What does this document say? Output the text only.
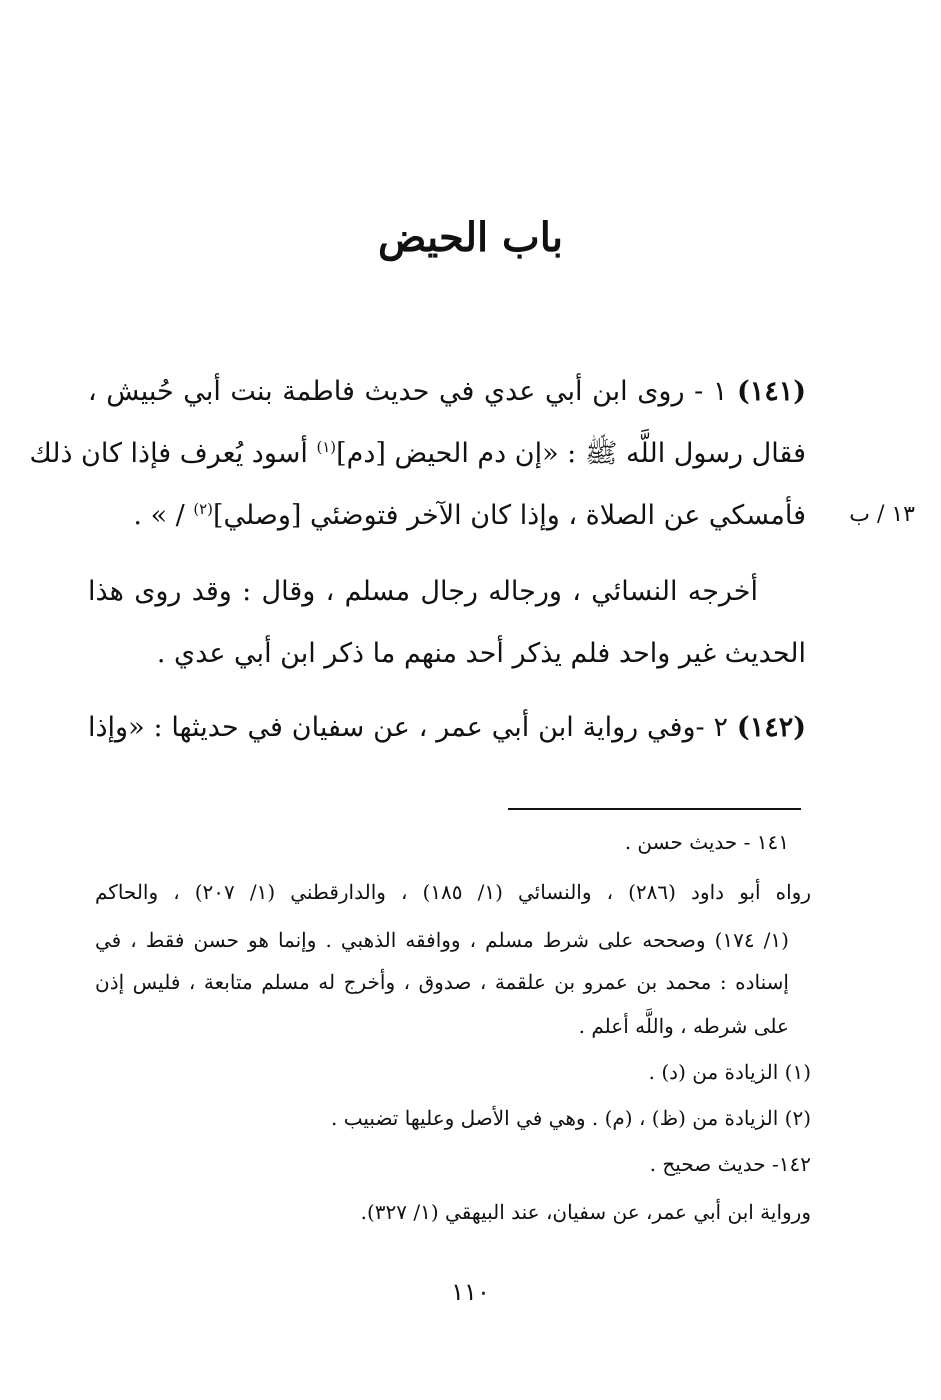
باب الحيض
١٣ / ب
(١٤١) ١ - روى ابن أبي عدي في حديث فاطمة بنت أبي حُبيش ،
فقال رسول اللَّه ﷺ : «إن دم الحيض [دم]$^{(١)}$ أسود يُعرف فإذا كان ذلك
فأمسكي عن الصلاة ، وإذا كان الآخر فتوضئي [وصلي]$^{(٢)}$ / » .
أخرجه النسائي ، ورجاله رجال مسلم ، وقال : وقد روى هذا
الحديث غير واحد فلم يذكر أحد منهم ما ذكر ابن أبي عدي .
(١٤٢) ٢ -وفي رواية ابن أبي عمر ، عن سفيان في حديثها : «وإذا
١٤١ - حديث حسن .
رواه أبو داود (٢٨٦) ، والنسائي (١/ ١٨٥) ، والدارقطني (١/ ٢٠٧) ، والحاكم
(١/ ١٧٤) وصححه على شرط مسلم ، ووافقه الذهبي . وإنما هو حسن فقط ، في
إسناده : محمد بن عمرو بن علقمة ، صدوق ، وأخرج له مسلم متابعة ، فليس إذن
على شرطه ، واللَّه أعلم .
(١) الزيادة من (د) .
(٢) الزيادة من (ظ) ، (م) . وهي في الأصل وعليها تضبيب .
١٤٢- حديث صحيح .
ورواية ابن أبي عمر، عن سفيان، عند البيهقي (١/ ٣٢٧).
١١٠
